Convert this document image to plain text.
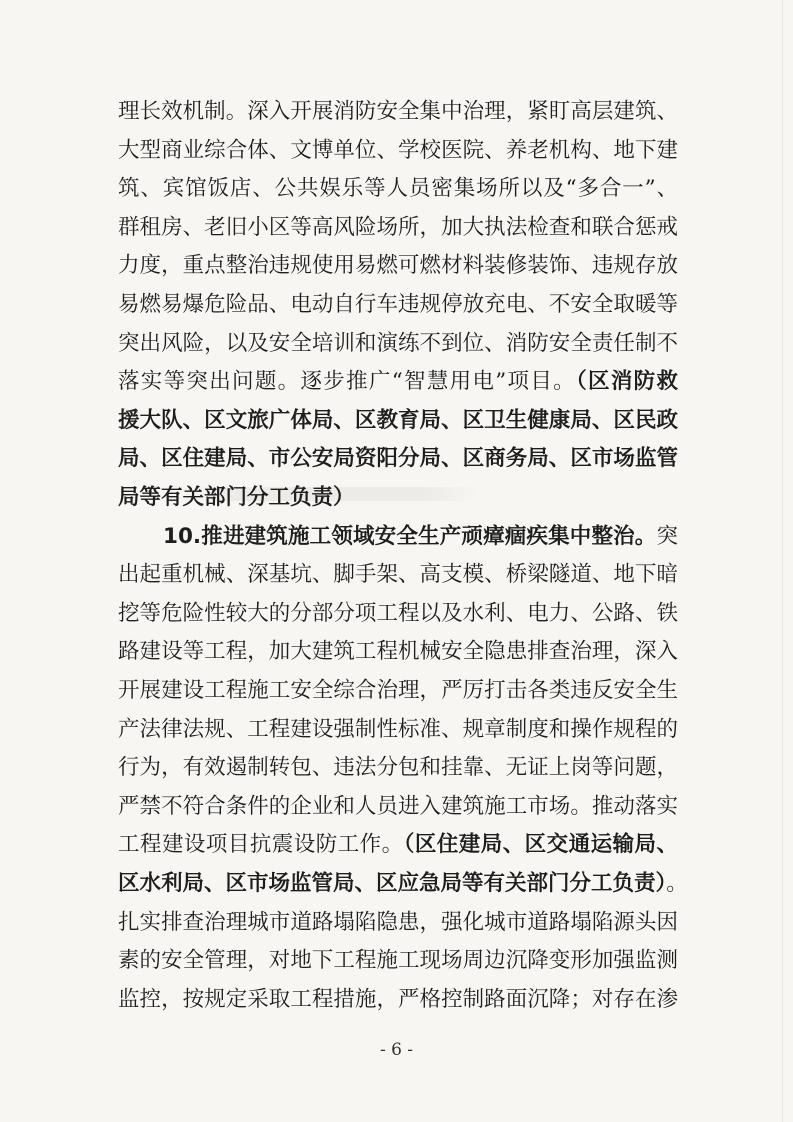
理长效机制。深入开展消防安全集中治理，紧盯高层建筑、
大型商业综合体、文博单位、学校医院、养老机构、地下建
筑、宾馆饭店、公共娱乐等人员密集场所以及“多合一”、
群租房、老旧小区等高风险场所，加大执法检查和联合惩戒
力度，重点整治违规使用易燃可燃材料装修装饰、违规存放
易燃易爆危险品、电动自行车违规停放充电、不安全取暖等
突出风险，以及安全培训和演练不到位、消防安全责任制不
落实等突出问题。逐步推广“智慧用电”项目。（区消防救
援大队、区文旅广体局、区教育局、区卫生健康局、区民政
局、区住建局、市公安局资阳分局、区商务局、区市场监管
局等有关部门分工负责）
10.推进建筑施工领域安全生产顽瘴痼疾集中整治。突
出起重机械、深基坑、脚手架、高支模、桥梁隧道、地下暗
挖等危险性较大的分部分项工程以及水利、电力、公路、铁
路建设等工程，加大建筑工程机械安全隐患排查治理，深入
开展建设工程施工安全综合治理，严厉打击各类违反安全生
产法律法规、工程建设强制性标准、规章制度和操作规程的
行为，有效遏制转包、违法分包和挂靠、无证上岗等问题，
严禁不符合条件的企业和人员进入建筑施工市场。推动落实
工程建设项目抗震设防工作。（区住建局、区交通运输局、
区水利局、区市场监管局、区应急局等有关部门分工负责）。
扎实排查治理城市道路塌陷隐患，强化城市道路塌陷源头因
素的安全管理，对地下工程施工现场周边沉降变形加强监测
监控，按规定采取工程措施，严格控制路面沉降；对存在渗
- 6 -
